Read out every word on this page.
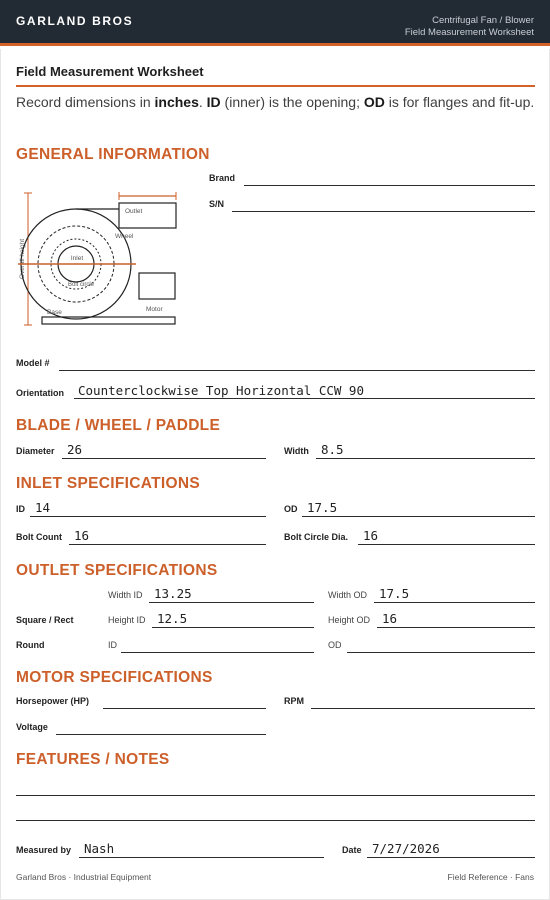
GARLAND BROS	Centrifugal Fan / Blower
Field Measurement Worksheet
Field Measurement Worksheet
Record dimensions in inches. ID (inner) is the opening; OD is for flanges and fit-up.
GENERAL INFORMATION
Overall height
Outlet
Wheel
Bolt circle
Inlet
Motor
Base
Brand
S/N
Model #
Orientation Counterclockwise Top Horizontal CCW 90
BLADE / WHEEL / PADDLE
Diameter 26	Width 8.5
INLET SPECIFICATIONS
ID 14	OD 17.5
Bolt Count 16	Bolt Circle Dia. 16
OUTLET SPECIFICATIONS
Width ID 13.25	Width OD 17.5
Square / Rect	Height ID 12.5	Height OD 16
Round	ID	OD
MOTOR SPECIFICATIONS
Horsepower (HP)	RPM
Voltage
FEATURES / NOTES
Measured by Nash	Date 7/27/2026
Garland Bros · Industrial Equipment	Field Reference · Fans
